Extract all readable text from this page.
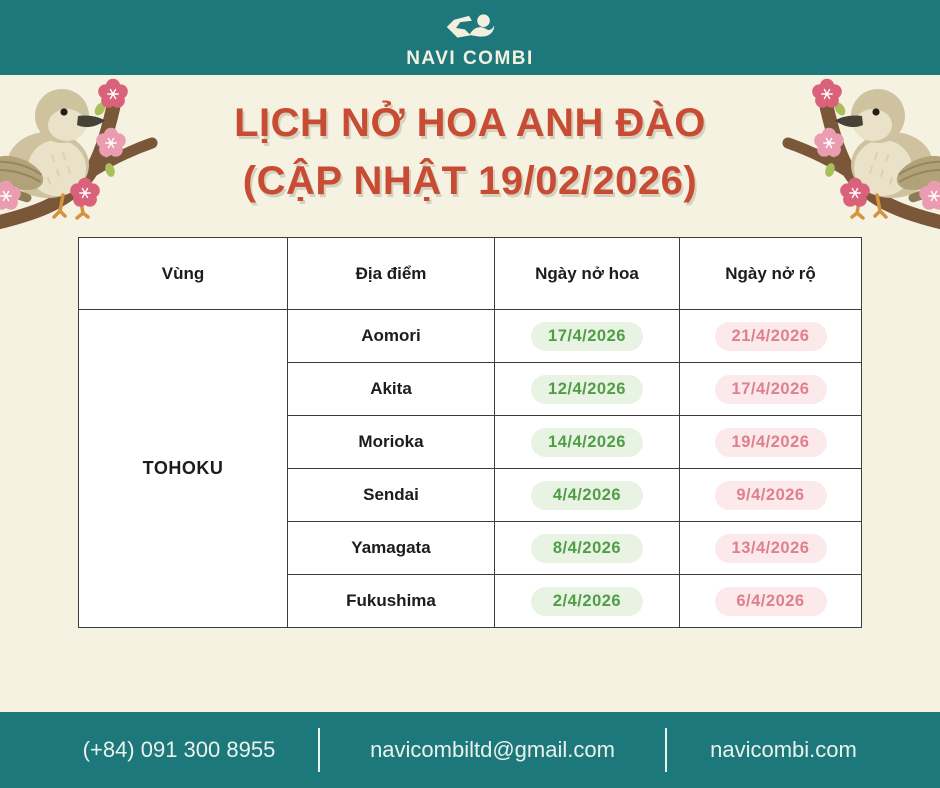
NAVI COMBI
LỊCH NỞ HOA ANH ĐÀO
(CẬP NHẬT 19/02/2026)
Vùng	Địa điểm	Ngày nở hoa	Ngày nở rộ
TOHOKU	Aomori	17/4/2026	21/4/2026
	Akita	12/4/2026	17/4/2026
	Morioka	14/4/2026	19/4/2026
	Sendai	4/4/2026	9/4/2026
	Yamagata	8/4/2026	13/4/2026
	Fukushima	2/4/2026	6/4/2026
(+84) 091 300 8955	navicombiltd@gmail.com	navicombi.com
